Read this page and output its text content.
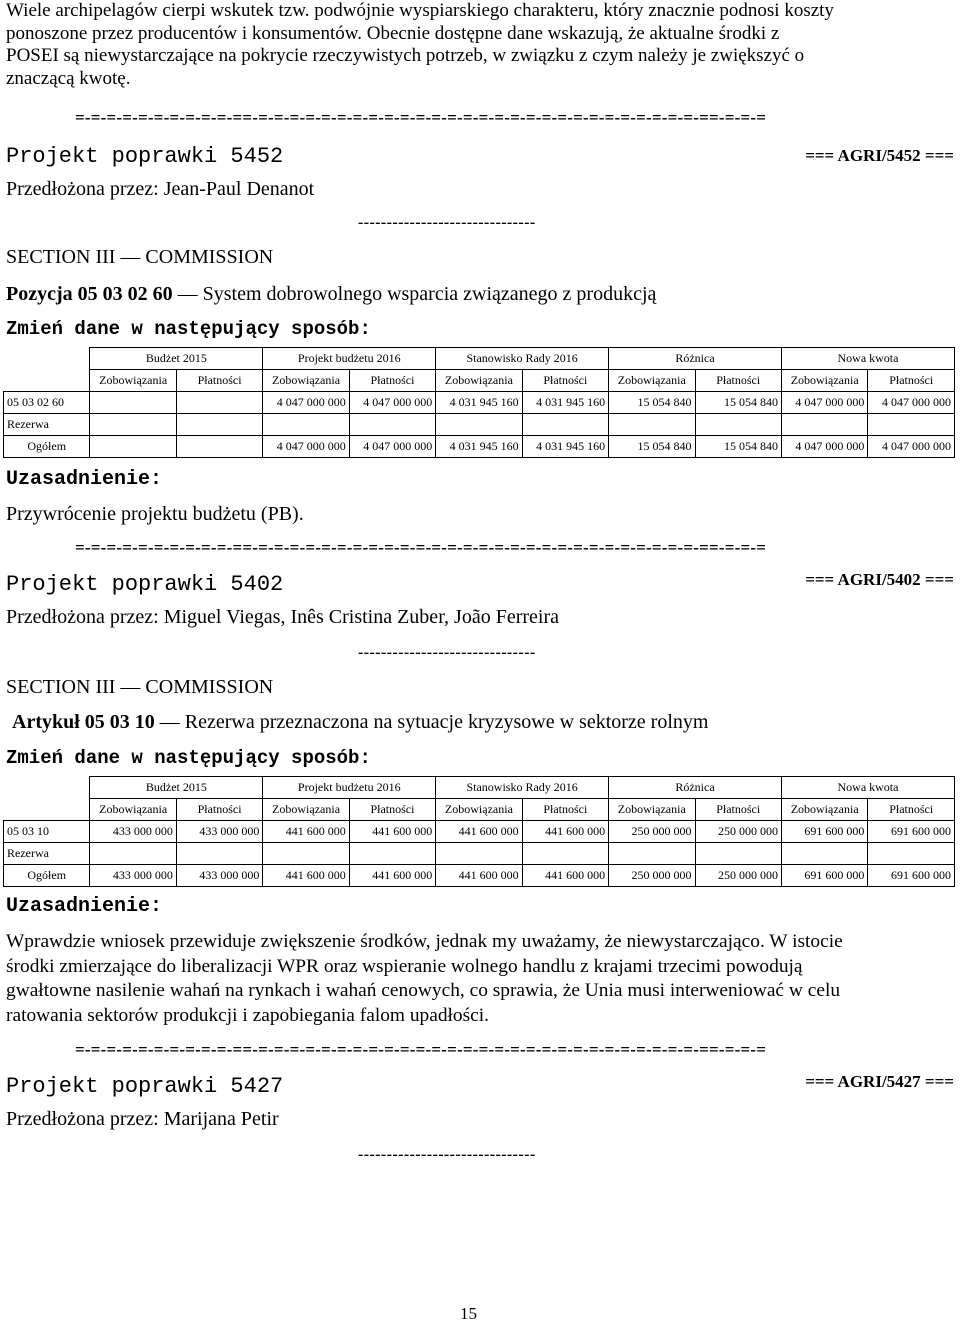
Wiele archipelagów cierpi wskutek tzw. podwójnie wyspiarskiego charakteru, który znacznie podnosi koszty
ponoszone przez producentów i konsumentów. Obecnie dostępne dane wskazują, że aktualne środki z
POSEI są niewystarczające na pokrycie rzeczywistych potrzeb, w związku z czym należy je zwiększyć o
znaczącą kwotę.
=-=-=-=-=-=-=-=-=-=-==-=-=-=-=-=-=-=-=-=-=-=-=-=-=-=-=-=-=-=-=-=-=-=-=-=-=-=-=-==-=-=-=
Projekt poprawki 5452	=== AGRI/5452 ===
Przedłożona przez: Jean-Paul Denanot
-------------------------------
SECTION III — COMMISSION
Pozycja 05 03 02 60 — System dobrowolnego wsparcia związanego z produkcją
Zmień dane w następujący sposób:
	Budżet 2015		Projekt budżetu 2016		Stanowisko Rady 2016		Różnica		Nowa kwota	
	Zobowiązania	Płatności	Zobowiązania	Płatności	Zobowiązania	Płatności	Zobowiązania	Płatności	Zobowiązania	Płatności
05 03 02 60			4 047 000 000	4 047 000 000	4 031 945 160	4 031 945 160	15 054 840	15 054 840	4 047 000 000	4 047 000 000
Rezerwa										
Ogółem			4 047 000 000	4 047 000 000	4 031 945 160	4 031 945 160	15 054 840	15 054 840	4 047 000 000	4 047 000 000
Uzasadnienie:
Przywrócenie projektu budżetu (PB).
=-=-=-=-=-=-=-=-=-=-==-=-=-=-=-=-=-=-=-=-=-=-=-=-=-=-=-=-=-=-=-=-=-=-=-=-=-=-=-==-=-=-=
Projekt poprawki 5402	=== AGRI/5402 ===
Przedłożona przez: Miguel Viegas, Inês Cristina Zuber, João Ferreira
-------------------------------
SECTION III — COMMISSION
Artykuł 05 03 10 — Rezerwa przeznaczona na sytuacje kryzysowe w sektorze rolnym
Zmień dane w następujący sposób:
	Budżet 2015		Projekt budżetu 2016		Stanowisko Rady 2016		Różnica		Nowa kwota	
	Zobowiązania	Płatności	Zobowiązania	Płatności	Zobowiązania	Płatności	Zobowiązania	Płatności	Zobowiązania	Płatności
05 03 10	433 000 000	433 000 000	441 600 000	441 600 000	441 600 000	441 600 000	250 000 000	250 000 000	691 600 000	691 600 000
Rezerwa										
Ogółem	433 000 000	433 000 000	441 600 000	441 600 000	441 600 000	441 600 000	250 000 000	250 000 000	691 600 000	691 600 000
Uzasadnienie:
Wprawdzie wniosek przewiduje zwiększenie środków, jednak my uważamy, że niewystarczająco. W istocie
środki zmierzające do liberalizacji WPR oraz wspieranie wolnego handlu z krajami trzecimi powodują
gwałtowne nasilenie wahań na rynkach i wahań cenowych, co sprawia, że Unia musi interweniować w celu
ratowania sektorów produkcji i zapobiegania falom upadłości.
=-=-=-=-=-=-=-=-=-=-==-=-=-=-=-=-=-=-=-=-=-=-=-=-=-=-=-=-=-=-=-=-=-=-=-=-=-=-=-==-=-=-=
Projekt poprawki 5427	=== AGRI/5427 ===
Przedłożona przez: Marijana Petir
-------------------------------
15
